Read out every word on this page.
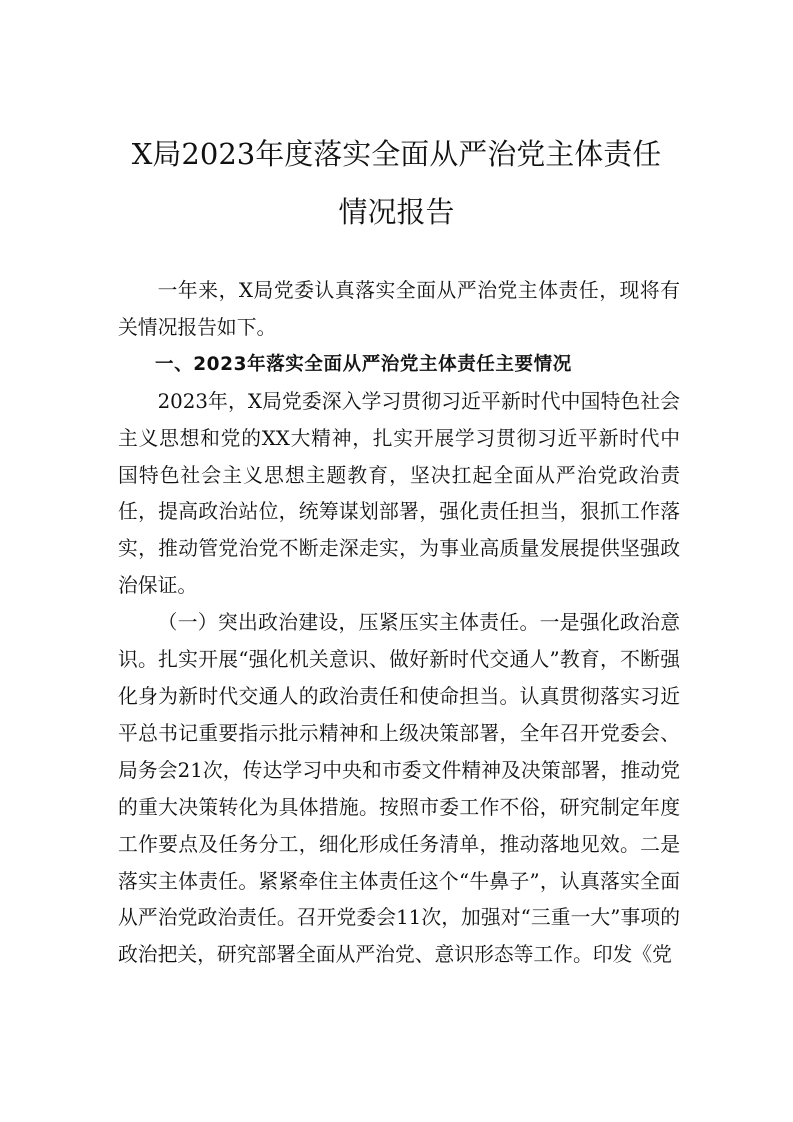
X局2023年度落实全面从严治党主体责任
情况报告

一年来，X局党委认真落实全面从严治党主体责任，现将有关情况报告如下。

一、2023年落实全面从严治党主体责任主要情况

2023年，X局党委深入学习贯彻习近平新时代中国特色社会主义思想和党的XX大精神，扎实开展学习贯彻习近平新时代中国特色社会主义思想主题教育，坚决扛起全面从严治党政治责任，提高政治站位，统筹谋划部署，强化责任担当，狠抓工作落实，推动管党治党不断走深走实，为事业高质量发展提供坚强政治保证。

（一）突出政治建设，压紧压实主体责任。一是强化政治意识。扎实开展“强化机关意识、做好新时代交通人”教育，不断强化身为新时代交通人的政治责任和使命担当。认真贯彻落实习近平总书记重要指示批示精神和上级决策部署，全年召开党委会、局务会21次，传达学习中央和市委文件精神及决策部署，推动党的重大决策转化为具体措施。按照市委工作不俗，研究制定年度工作要点及任务分工，细化形成任务清单，推动落地见效。二是落实主体责任。紧紧牵住主体责任这个“牛鼻子”，认真落实全面从严治党政治责任。召开党委会11次，加强对“三重一大”事项的政治把关，研究部署全面从严治党、意识形态等工作。印发《党
